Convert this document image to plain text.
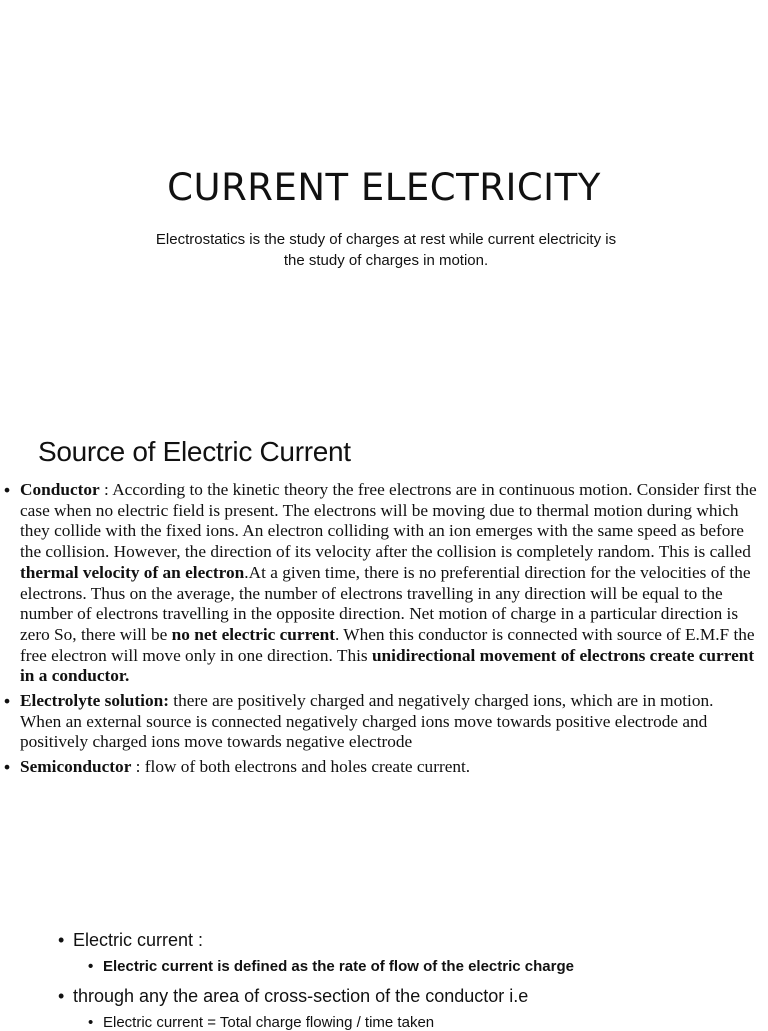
CURRENT ELECTRICITY
Electrostatics is the study of charges at rest while current electricity is
the study of charges in motion.
Source of Electric Current
• Conductor : According to the kinetic theory the free electrons are in continuous motion. Consider first the case when no electric field is present. The electrons will be moving due to thermal motion during which they collide with the fixed ions. An electron colliding with an ion emerges with the same speed as before the collision. However, the direction of its velocity after the collision is completely random. This is called thermal velocity of an electron.At a given time, there is no preferential direction for the velocities of the electrons. Thus on the average, the number of electrons travelling in any direction will be equal to the number of electrons travelling in the opposite direction. Net motion of charge in a particular direction is zero So, there will be no net electric current. When this conductor is connected with source of E.M.F the free electron will move only in one direction. This unidirectional movement of electrons create current in a conductor.
• Electrolyte solution: there are positively charged and negatively charged ions, which are in motion. When an external source is connected negatively charged ions move towards positive electrode and positively charged ions move towards negative electrode
• Semiconductor : flow of both electrons and holes create current.
• Electric current :
• Electric current is defined as the rate of flow of the electric charge
• through any the area of cross-section of the conductor i.e
• Electric current = Total charge flowing / time taken
